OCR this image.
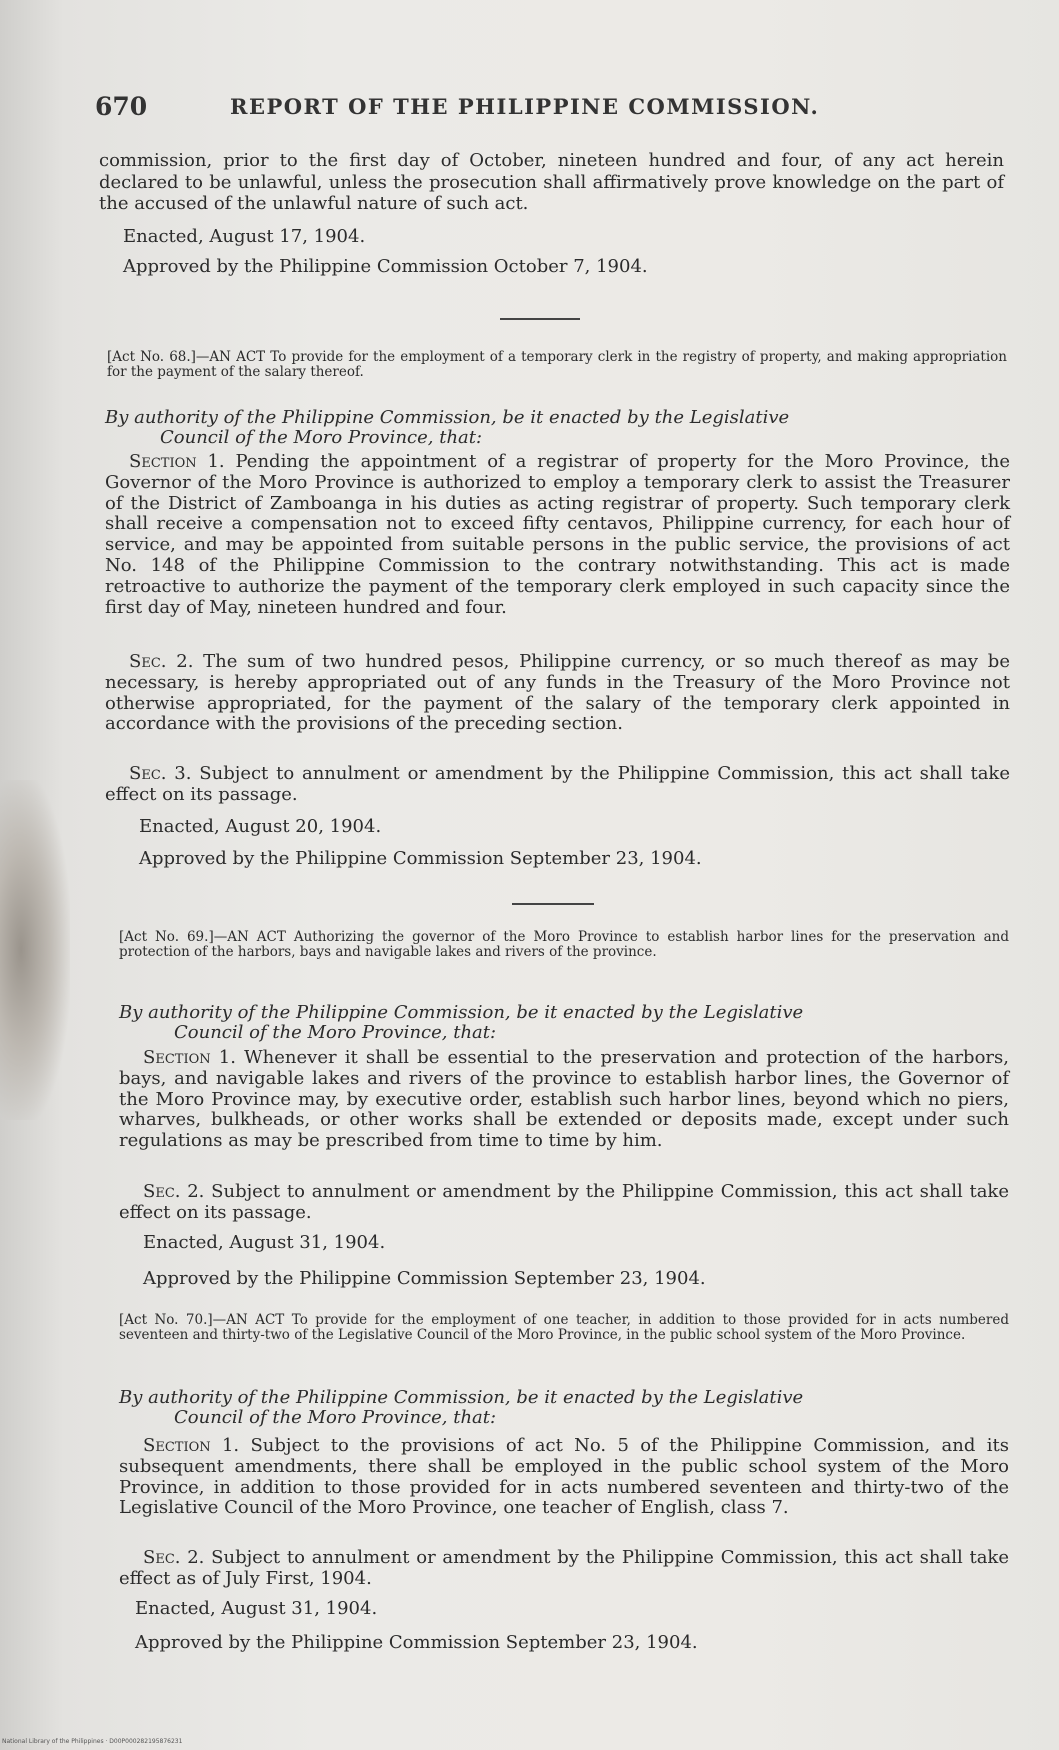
670	REPORT OF THE PHILIPPINE COMMISSION.

commission, prior to the first day of October, nineteen hundred and four, of any act herein declared to be unlawful, unless the prosecution shall affirmatively prove knowledge on the part of the accused of the unlawful nature of such act.

Enacted, August 17, 1904.
Approved by the Philippine Commission October 7, 1904.
[Act No. 68.]—AN ACT To provide for the employment of a temporary clerk in the registry of property, and making appropriation for the payment of the salary thereof.
By authority of the Philippine Commission, be it enacted by the Legislative
Council of the Moro Province, that:
Section 1. Pending the appointment of a registrar of property for the Moro Province, the Governor of the Moro Province is authorized to employ a temporary clerk to assist the Treasurer of the District of Zamboanga in his duties as acting registrar of property. Such temporary clerk shall receive a compensation not to exceed fifty centavos, Philippine currency, for each hour of service, and may be appointed from suitable persons in the public service, the provisions of act No. 148 of the Philippine Commission to the contrary notwithstanding. This act is made retroactive to authorize the payment of the temporary clerk employed in such capacity since the first day of May, nineteen hundred and four.
Sec. 2. The sum of two hundred pesos, Philippine currency, or so much thereof as may be necessary, is hereby appropriated out of any funds in the Treasury of the Moro Province not otherwise appropriated, for the payment of the salary of the temporary clerk appointed in accordance with the provisions of the preceding section.
Sec. 3. Subject to annulment or amendment by the Philippine Commission, this act shall take effect on its passage.
Enacted, August 20, 1904.
Approved by the Philippine Commission September 23, 1904.
[Act No. 69.]—AN ACT Authorizing the governor of the Moro Province to establish harbor lines for the preservation and protection of the harbors, bays and navigable lakes and rivers of the province.
By authority of the Philippine Commission, be it enacted by the Legislative
Council of the Moro Province, that:
Section 1. Whenever it shall be essential to the preservation and protection of the harbors, bays, and navigable lakes and rivers of the province to establish harbor lines, the Governor of the Moro Province may, by executive order, establish such harbor lines, beyond which no piers, wharves, bulkheads, or other works shall be extended or deposits made, except under such regulations as may be prescribed from time to time by him.
Sec. 2. Subject to annulment or amendment by the Philippine Commission, this act shall take effect on its passage.
Enacted, August 31, 1904.
Approved by the Philippine Commission September 23, 1904.
[Act No. 70.]—AN ACT To provide for the employment of one teacher, in addition to those provided for in acts numbered seventeen and thirty-two of the Legislative Council of the Moro Province, in the public school system of the Moro Province.
By authority of the Philippine Commission, be it enacted by the Legislative
Council of the Moro Province, that:
Section 1. Subject to the provisions of act No. 5 of the Philippine Commission, and its subsequent amendments, there shall be employed in the public school system of the Moro Province, in addition to those provided for in acts numbered seventeen and thirty-two of the Legislative Council of the Moro Province, one teacher of English, class 7.
Sec. 2. Subject to annulment or amendment by the Philippine Commission, this act shall take effect as of July First, 1904.
Enacted, August 31, 1904.
Approved by the Philippine Commission September 23, 1904.
National Library of the Philippines · D00P000282195876231
